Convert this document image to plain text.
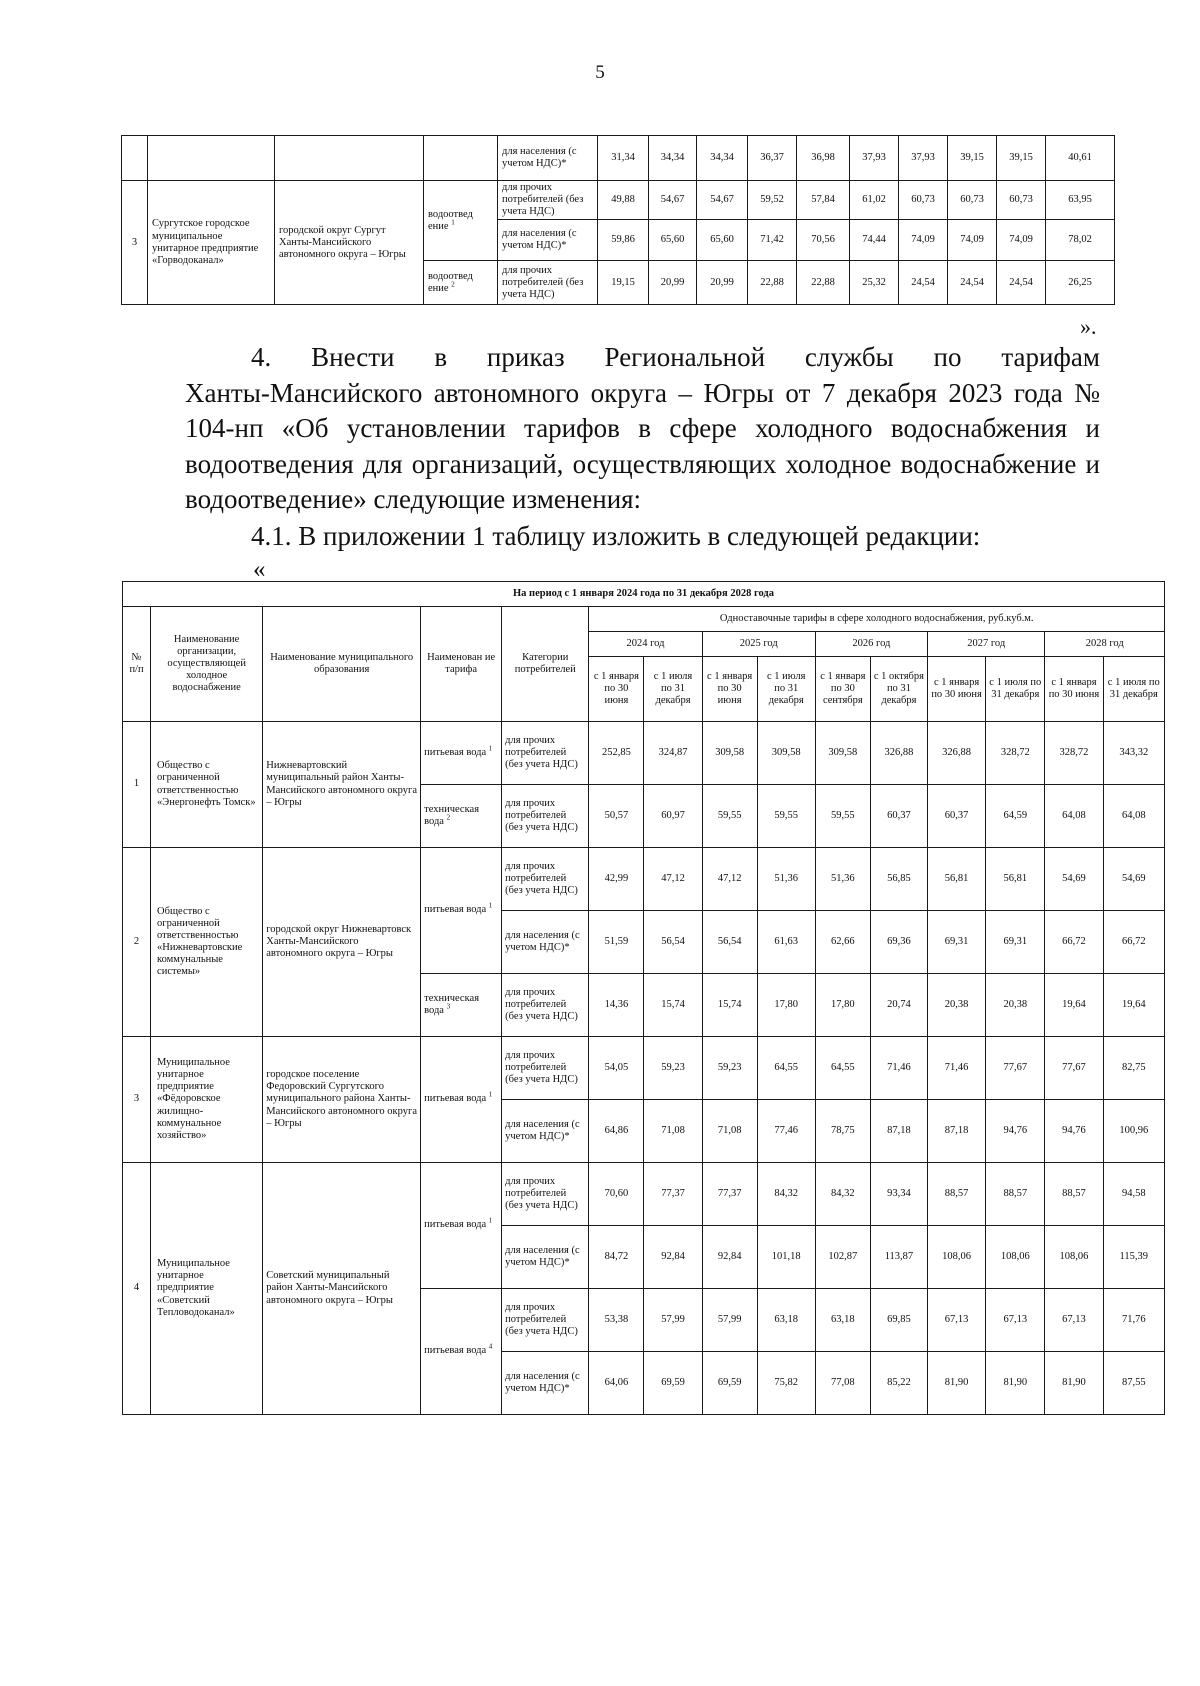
5
				для населения (с учетом НДС)*	31,34	34,34	34,34	36,37	36,98	37,93	37,93	39,15	39,15	40,61
3	Сургутское городское муниципальное унитарное предприятие «Горводоканал»	городской округ Сургут Ханты-Мансийского автономного округа – Югры	водоотвед ение $^1$	для прочих потребителей (без учета НДС)	49,88	54,67	54,67	59,52	57,84	61,02	60,73	60,73	60,73	63,95
				для населения (с учетом НДС)*	59,86	65,60	65,60	71,42	70,56	74,44	74,09	74,09	74,09	78,02
			водоотвед ение $^2$	для прочих потребителей (без учета НДС)	19,15	20,99	20,99	22,88	22,88	25,32	24,54	24,54	24,54	26,25
».
4. Внести в приказ Региональной службы по тарифам
Ханты-Мансийского автономного округа – Югры от 7 декабря 2023 года № 104-нп «Об установлении тарифов в сфере холодного водоснабжения и водоотведения для организаций, осуществляющих холодное водоснабжение и водоотведение» следующие изменения:
4.1. В приложении 1 таблицу изложить в следующей редакции:
«
На период с 1 января 2024 года по 31 декабря 2028 года														
№ п/п	Наименование организации, осуществляющей холодное водоснабжение	Наименование муниципального образования	Наименован ие тарифа	Категории потребителей	Одноставочные тарифы в сфере холодного водоснабжения, руб.куб.м.									
					2024 год		2025 год		2026 год		2027 год		2028 год	
					с 1 января по 30 июня	с 1 июля по 31 декабря	с 1 января по 30 июня	с 1 июля по 31 декабря	с 1 января по 30 сентября	с 1 октября по 31 декабря	с 1 января по 30 июня	с 1 июля по 31 декабря	с 1 января по 30 июня	с 1 июля по 31 декабря
1	Общество с ограниченной ответственностью «Энергонефть Томск»	Нижневартовский муниципальный район Ханты-Мансийского автономного округа – Югры	питьевая вода $^1$	для прочих потребителей (без учета НДС)	252,85	324,87	309,58	309,58	309,58	326,88	326,88	328,72	328,72	343,32
			техническая вода $^2$	для прочих потребителей (без учета НДС)	50,57	60,97	59,55	59,55	59,55	60,37	60,37	64,59	64,08	64,08
2	Общество с ограниченной ответственностью «Нижневартовские коммунальные системы»	городской округ Нижневартовск Ханты-Мансийского автономного округа – Югры	питьевая вода $^1$	для прочих потребителей (без учета НДС)	42,99	47,12	47,12	51,36	51,36	56,85	56,81	56,81	54,69	54,69
				для населения (с учетом НДС)*	51,59	56,54	56,54	61,63	62,66	69,36	69,31	69,31	66,72	66,72
			техническая вода $^3$	для прочих потребителей (без учета НДС)	14,36	15,74	15,74	17,80	17,80	20,74	20,38	20,38	19,64	19,64
3	Муниципальное унитарное предприятие «Фёдоровское жилищно-коммунальное хозяйство»	городское поселение Федоровский Сургутского муниципального района Ханты-Мансийского автономного округа – Югры	питьевая вода $^1$	для прочих потребителей (без учета НДС)	54,05	59,23	59,23	64,55	64,55	71,46	71,46	77,67	77,67	82,75
				для населения (с учетом НДС)*	64,86	71,08	71,08	77,46	78,75	87,18	87,18	94,76	94,76	100,96
4	Муниципальное унитарное предприятие «Советский Тепловодоканал»	Советский муниципальный район Ханты-Мансийского автономного округа – Югры	питьевая вода $^1$	для прочих потребителей (без учета НДС)	70,60	77,37	77,37	84,32	84,32	93,34	88,57	88,57	88,57	94,58
				для населения (с учетом НДС)*	84,72	92,84	92,84	101,18	102,87	113,87	108,06	108,06	108,06	115,39
			питьевая вода $^4$	для прочих потребителей (без учета НДС)	53,38	57,99	57,99	63,18	63,18	69,85	67,13	67,13	67,13	71,76
				для населения (с учетом НДС)*	64,06	69,59	69,59	75,82	77,08	85,22	81,90	81,90	81,90	87,55
